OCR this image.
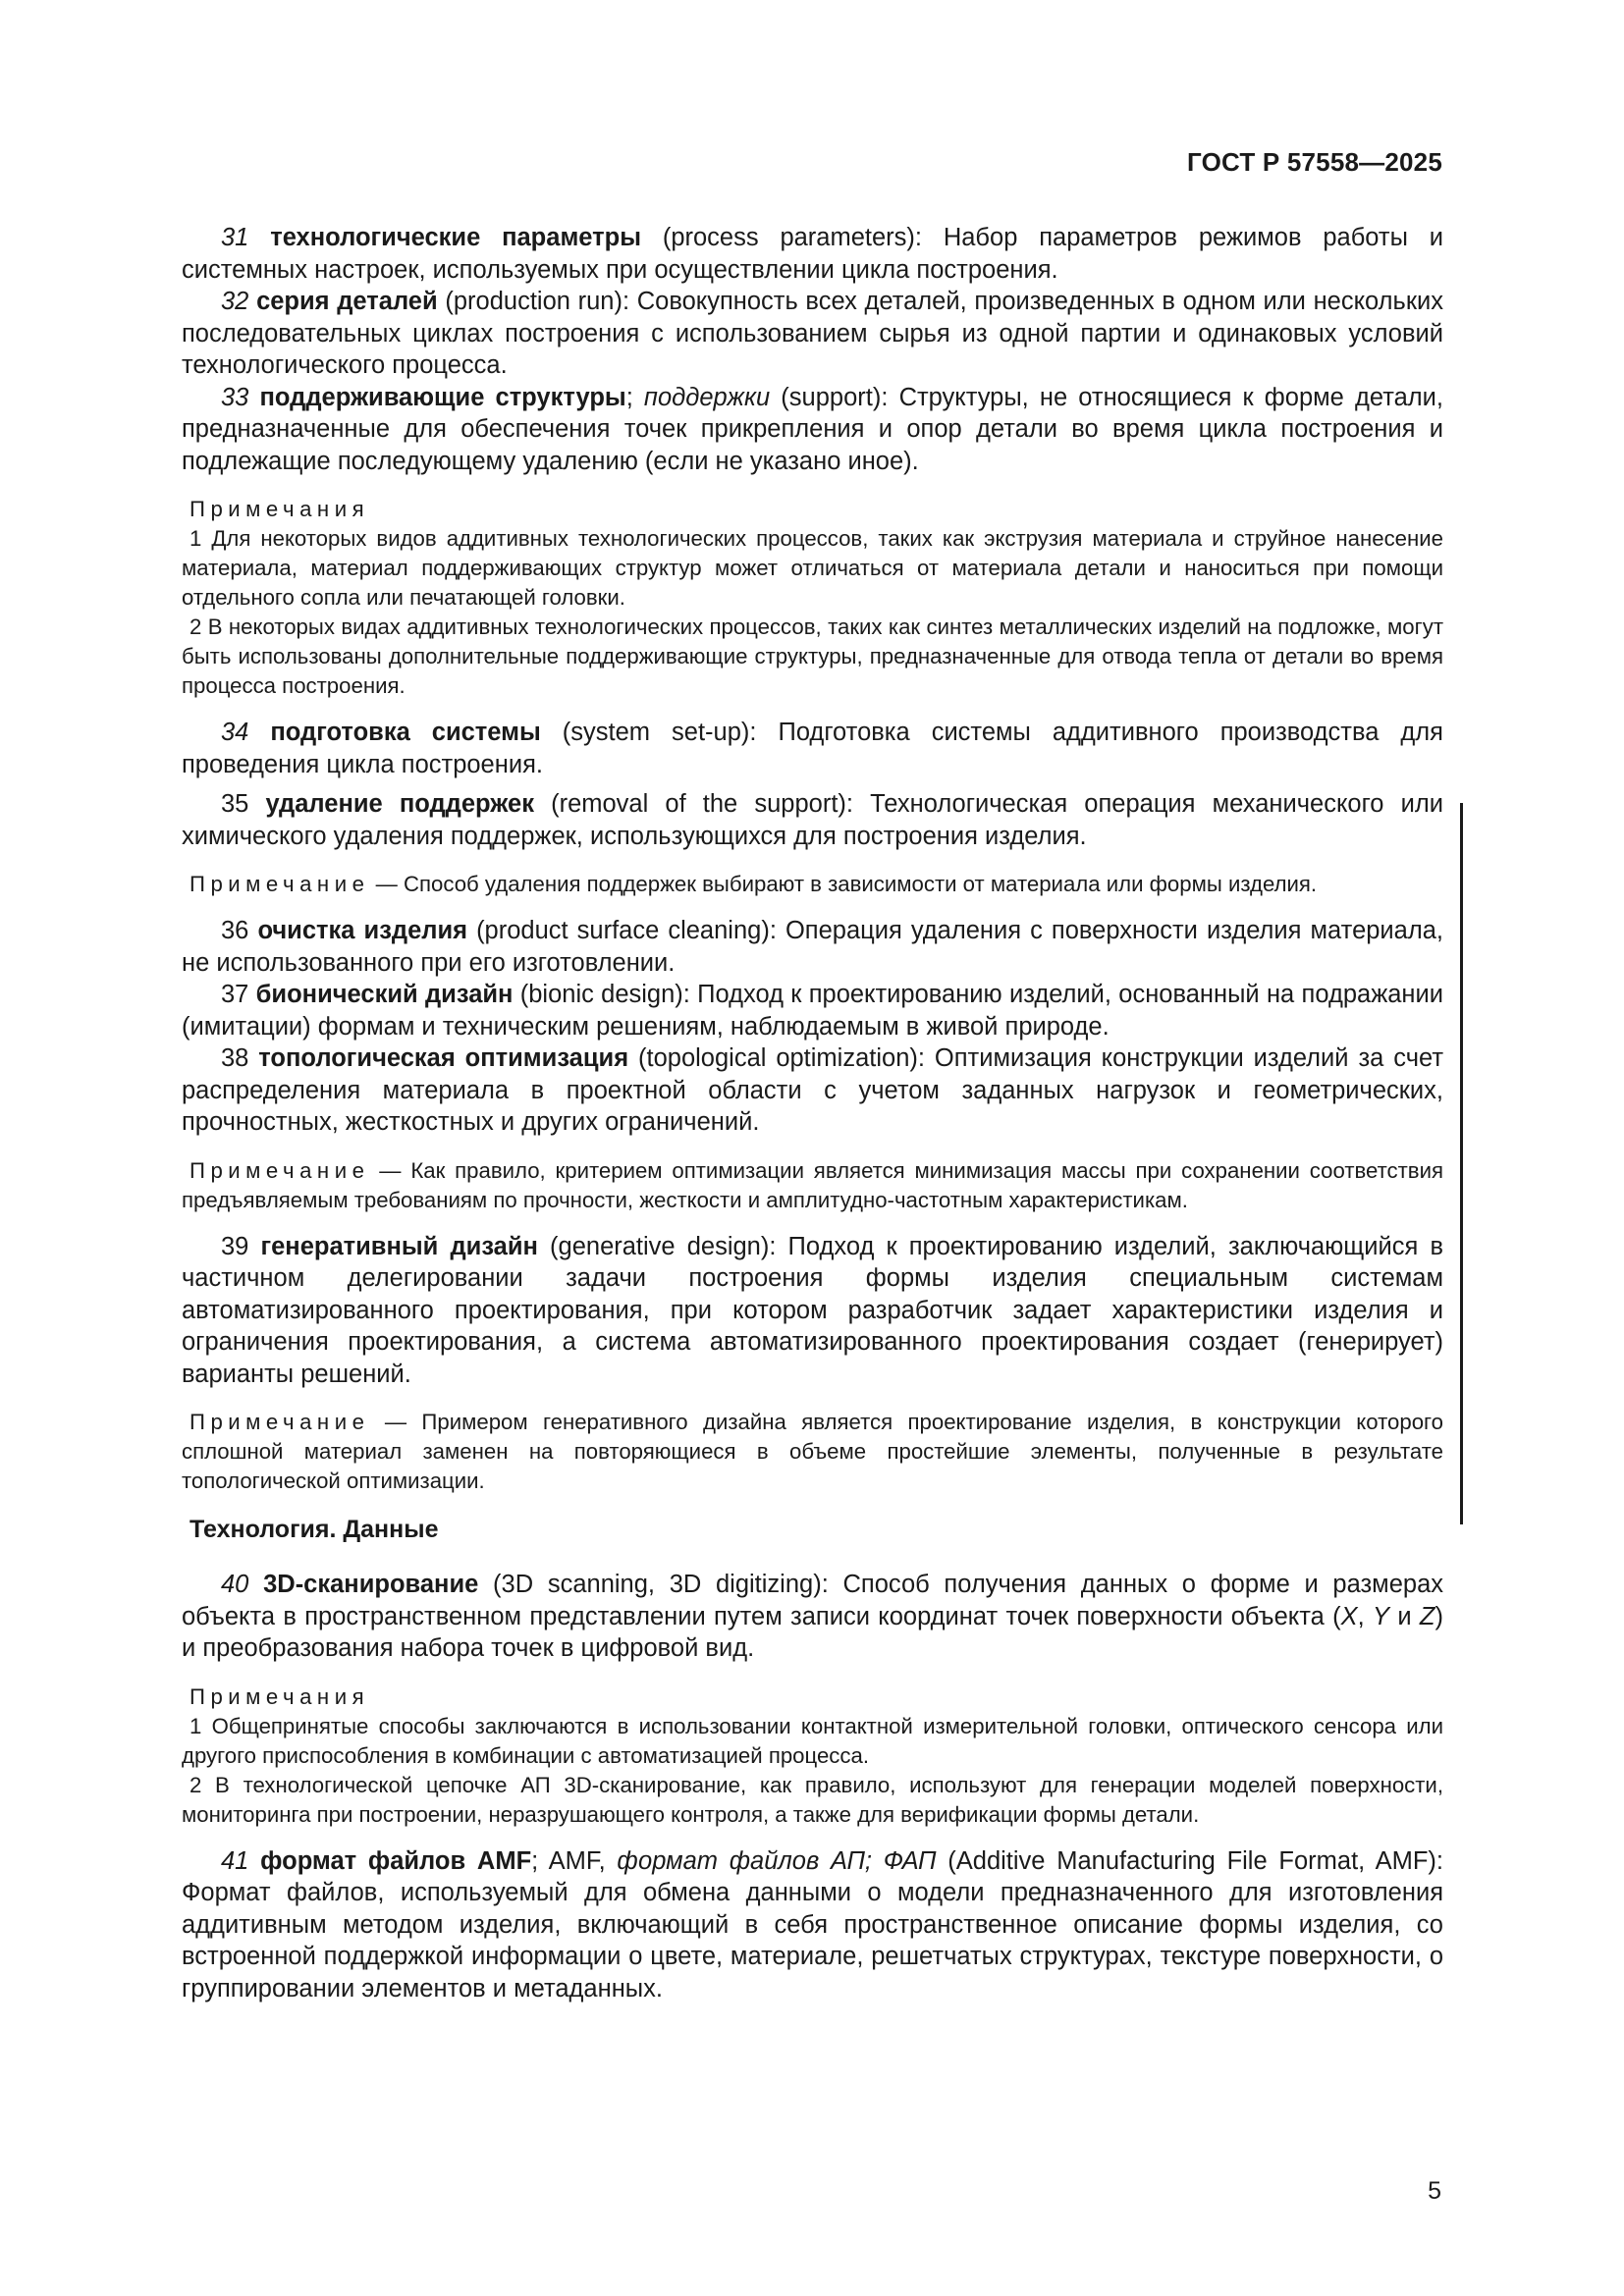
ГОСТ Р 57558—2025

31 технологические параметры (process parameters): Набор параметров режимов работы и системных настроек, используемых при осуществлении цикла построения.

32 серия деталей (production run): Совокупность всех деталей, произведенных в одном или нескольких последовательных циклах построения с использованием сырья из одной партии и одинаковых условий технологического процесса.

33 поддерживающие структуры; поддержки (support): Структуры, не относящиеся к форме детали, предназначенные для обеспечения точек прикрепления и опор детали во время цикла построения и подлежащие последующему удалению (если не указано иное).

Примечания

1 Для некоторых видов аддитивных технологических процессов, таких как экструзия материала и струйное нанесение материала, материал поддерживающих структур может отличаться от материала детали и наноситься при помощи отдельного сопла или печатающей головки.

2 В некоторых видах аддитивных технологических процессов, таких как синтез металлических изделий на подложке, могут быть использованы дополнительные поддерживающие структуры, предназначенные для отвода тепла от детали во время процесса построения.

34 подготовка системы (system set-up): Подготовка системы аддитивного производства для проведения цикла построения.

35 удаление поддержек (removal of the support): Технологическая операция механического или химического удаления поддержек, использующихся для построения изделия.

Примечание — Способ удаления поддержек выбирают в зависимости от материала или формы изделия.

36 очистка изделия (product surface cleaning): Операция удаления с поверхности изделия материала, не использованного при его изготовлении.

37 бионический дизайн (bionic design): Подход к проектированию изделий, основанный на подражании (имитации) формам и техническим решениям, наблюдаемым в живой природе.

38 топологическая оптимизация (topological optimization): Оптимизация конструкции изделий за счет распределения материала в проектной области с учетом заданных нагрузок и геометрических, прочностных, жесткостных и других ограничений.

Примечание — Как правило, критерием оптимизации является минимизация массы при сохранении соответствия предъявляемым требованиям по прочности, жесткости и амплитудно-частотным характеристикам.

39 генеративный дизайн (generative design): Подход к проектированию изделий, заключающийся в частичном делегировании задачи построения формы изделия специальным системам автоматизированного проектирования, при котором разработчик задает характеристики изделия и ограничения проектирования, а система автоматизированного проектирования создает (генерирует) варианты решений.

Примечание — Примером генеративного дизайна является проектирование изделия, в конструкции которого сплошной материал заменен на повторяющиеся в объеме простейшие элементы, полученные в результате топологической оптимизации.

Технология. Данные

40 3D-сканирование (3D scanning, 3D digitizing): Способ получения данных о форме и размерах объекта в пространственном представлении путем записи координат точек поверхности объекта (X, Y и Z) и преобразования набора точек в цифровой вид.

Примечания

1 Общепринятые способы заключаются в использовании контактной измерительной головки, оптического сенсора или другого приспособления в комбинации с автоматизацией процесса.

2 В технологической цепочке АП 3D-сканирование, как правило, используют для генерации моделей поверхности, мониторинга при построении, неразрушающего контроля, а также для верификации формы детали.

41 формат файлов AMF; AMF, формат файлов АП; ФАП (Additive Manufacturing File Format, AMF): Формат файлов, используемый для обмена данными о модели предназначенного для изготовления аддитивным методом изделия, включающий в себя пространственное описание формы изделия, со встроенной поддержкой информации о цвете, материале, решетчатых структурах, текстуре поверхности, о группировании элементов и метаданных.

5
